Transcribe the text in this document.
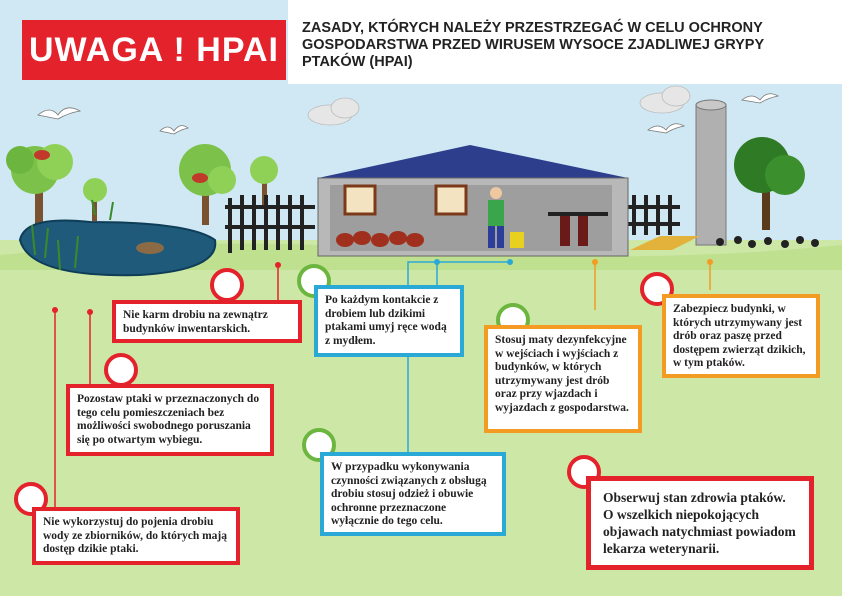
UWAGA ! HPAI
ZASADY, KTÓRYCH NALEŻY PRZESTRZEGAĆ W CELU OCHRONY GOSPODARSTWA PRZED WIRUSEM WYSOCE ZJADLIWEJ GRYPY PTAKÓW (HPAI)
Nie karm drobiu na zewnątrz budynków inwentarskich.
Po każdym kontakcie z drobiem lub dzikimi ptakami umyj ręce wodą z mydłem.	Stosuj maty dezynfekcyjne w wejściach i wyjściach z budynków, w których utrzymywany jest drób oraz przy wjazdach i wyjazdach z gospodarstwa.
Zabezpiecz budynki, w których utrzymywany jest drób oraz paszę przed dostępem zwierząt dzikich, w tym ptaków.
Pozostaw ptaki w przeznaczonych do tego celu pomieszczeniach bez możliwości swobodnego poruszania się po otwartym wybiegu.
W przypadku wykonywania czynności związanych z obsługą drobiu stosuj odzież i obuwie ochronne przeznaczone wyłącznie do tego celu.
Nie wykorzystuj do pojenia drobiu wody ze zbiorników, do których mają dostęp dzikie ptaki.
Obserwuj stan zdrowia ptaków. O wszelkich niepokojących objawach natychmiast powiadom lekarza weterynarii.
